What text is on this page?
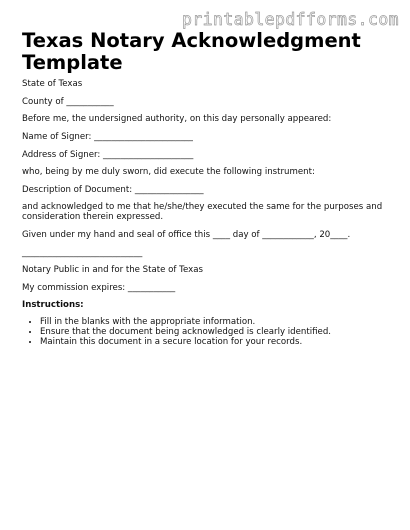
printablepdfforms.com
Texas Notary Acknowledgment Template
State of Texas
County of ___________
Before me, the undersigned authority, on this day personally appeared:
Name of Signer: _______________________
Address of Signer: _____________________
who, being by me duly sworn, did execute the following instrument:
Description of Document: ________________
and acknowledged to me that he/she/they executed the same for the purposes and consideration therein expressed.
Given under my hand and seal of office this ____ day of ____________, 20____.
____________________________
Notary Public in and for the State of Texas
My commission expires: ___________
Instructions:
• Fill in the blanks with the appropriate information.
• Ensure that the document being acknowledged is clearly identified.
• Maintain this document in a secure location for your records.
